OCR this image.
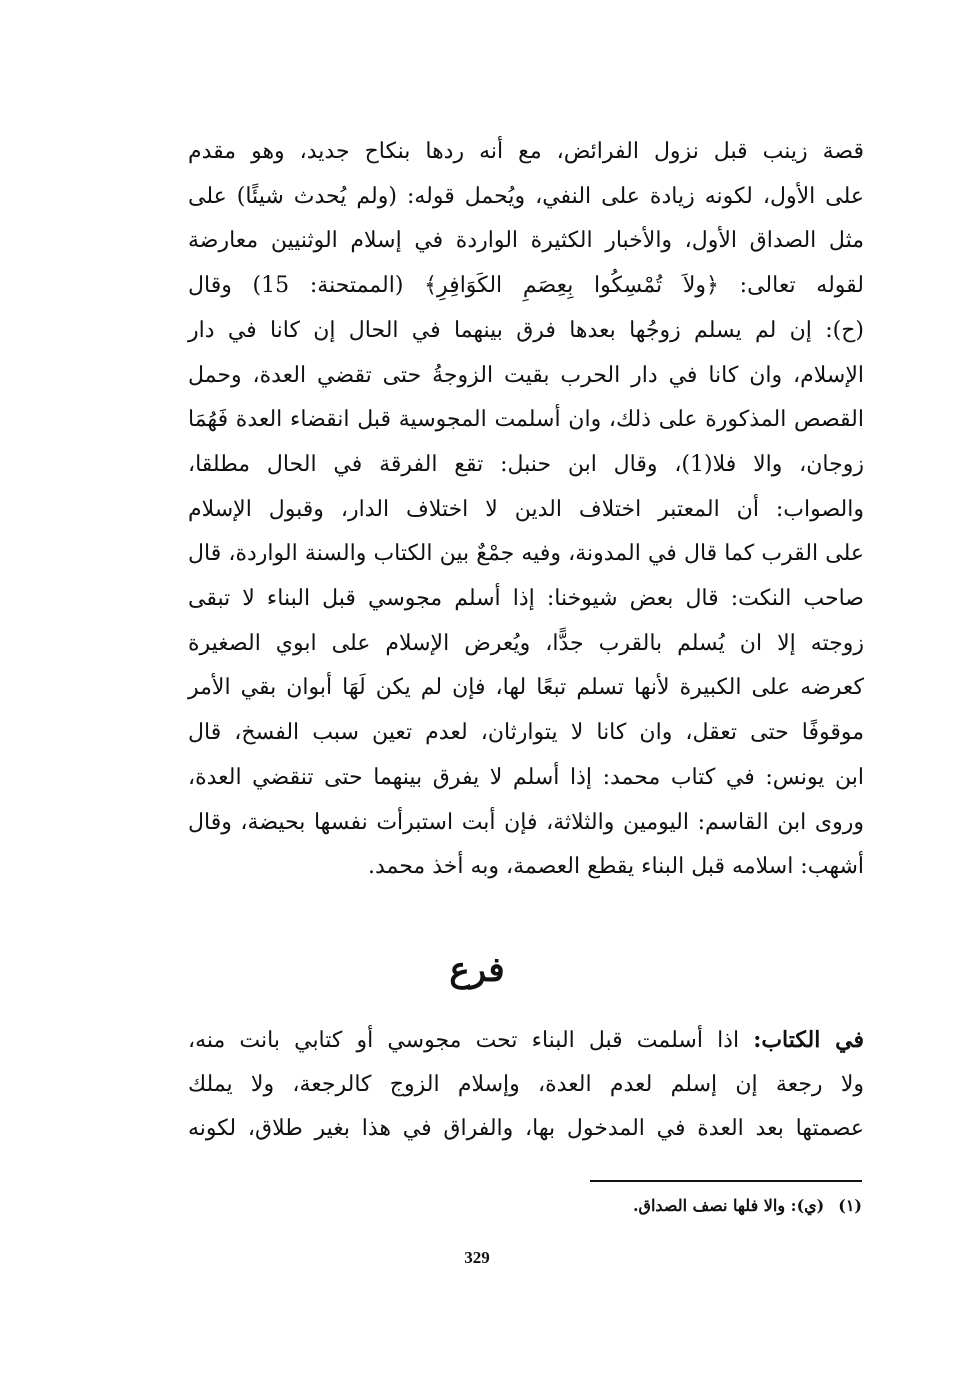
قصة زينب قبل نزول الفرائض، مع أنه ردها بنكاح جديد، وهو مقدم
على الأول، لكونه زيادة على النفي، ويُحمل قوله: (ولم يُحدث شيئًا) على
مثل الصداق الأول، والأخبار الكثيرة الواردة في إسلام الوثنيين معارضة
لقوله تعالى: ﴿ولاَ تُمْسِكُوا بِعِصَمِ الكَوَافِرِ﴾ (الممتحنة: 15) وقال
(ح): إن لم يسلم زوجُها بعدها فرق بينهما في الحال إن كانا في دار
الإسلام، وان كانا في دار الحرب بقيت الزوجةُ حتى تقضي العدة، وحمل
القصص المذكورة على ذلك، وان أسلمت المجوسية قبل انقضاء العدة فَهُمَا
زوجان، والا فلا(1)، وقال ابن حنبل: تقع الفرقة في الحال مطلقا،
والصواب: أن المعتبر اختلاف الدين لا اختلاف الدار، وقبول الإسلام
على القرب كما قال في المدونة، وفيه جمْعٌ بين الكتاب والسنة الواردة، قال
صاحب النكت: قال بعض شيوخنا: إذا أسلم مجوسي قبل البناء لا تبقى
زوجته إلا ان يُسلم بالقرب جدًّا، ويُعرض الإسلام على ابوي الصغيرة
كعرضه على الكبيرة لأنها تسلم تبعًا لها، فإن لم يكن لَهَا أبوان بقي الأمر
موقوفًا حتى تعقل، وان كانا لا يتوارثان، لعدم تعين سبب الفسخ، قال
ابن يونس: في كتاب محمد: إذا أسلم لا يفرق بينهما حتى تنقضي العدة،
وروى ابن القاسم: اليومين والثلاثة، فإن أبت استبرأت نفسها بحيضة، وقال
أشهب: اسلامه قبل البناء يقطع العصمة، وبه أخذ محمد.
فرع
في الكتاب: اذا أسلمت قبل البناء تحت مجوسي أو كتابي بانت منه،
ولا رجعة إن إسلم لعدم العدة، وإسلام الزوج كالرجعة، ولا يملك
عصمتها بعد العدة في المدخول بها، والفراق في هذا بغير طلاق، لكونه
(١)(ي): والا فلها نصف الصداق.
329
